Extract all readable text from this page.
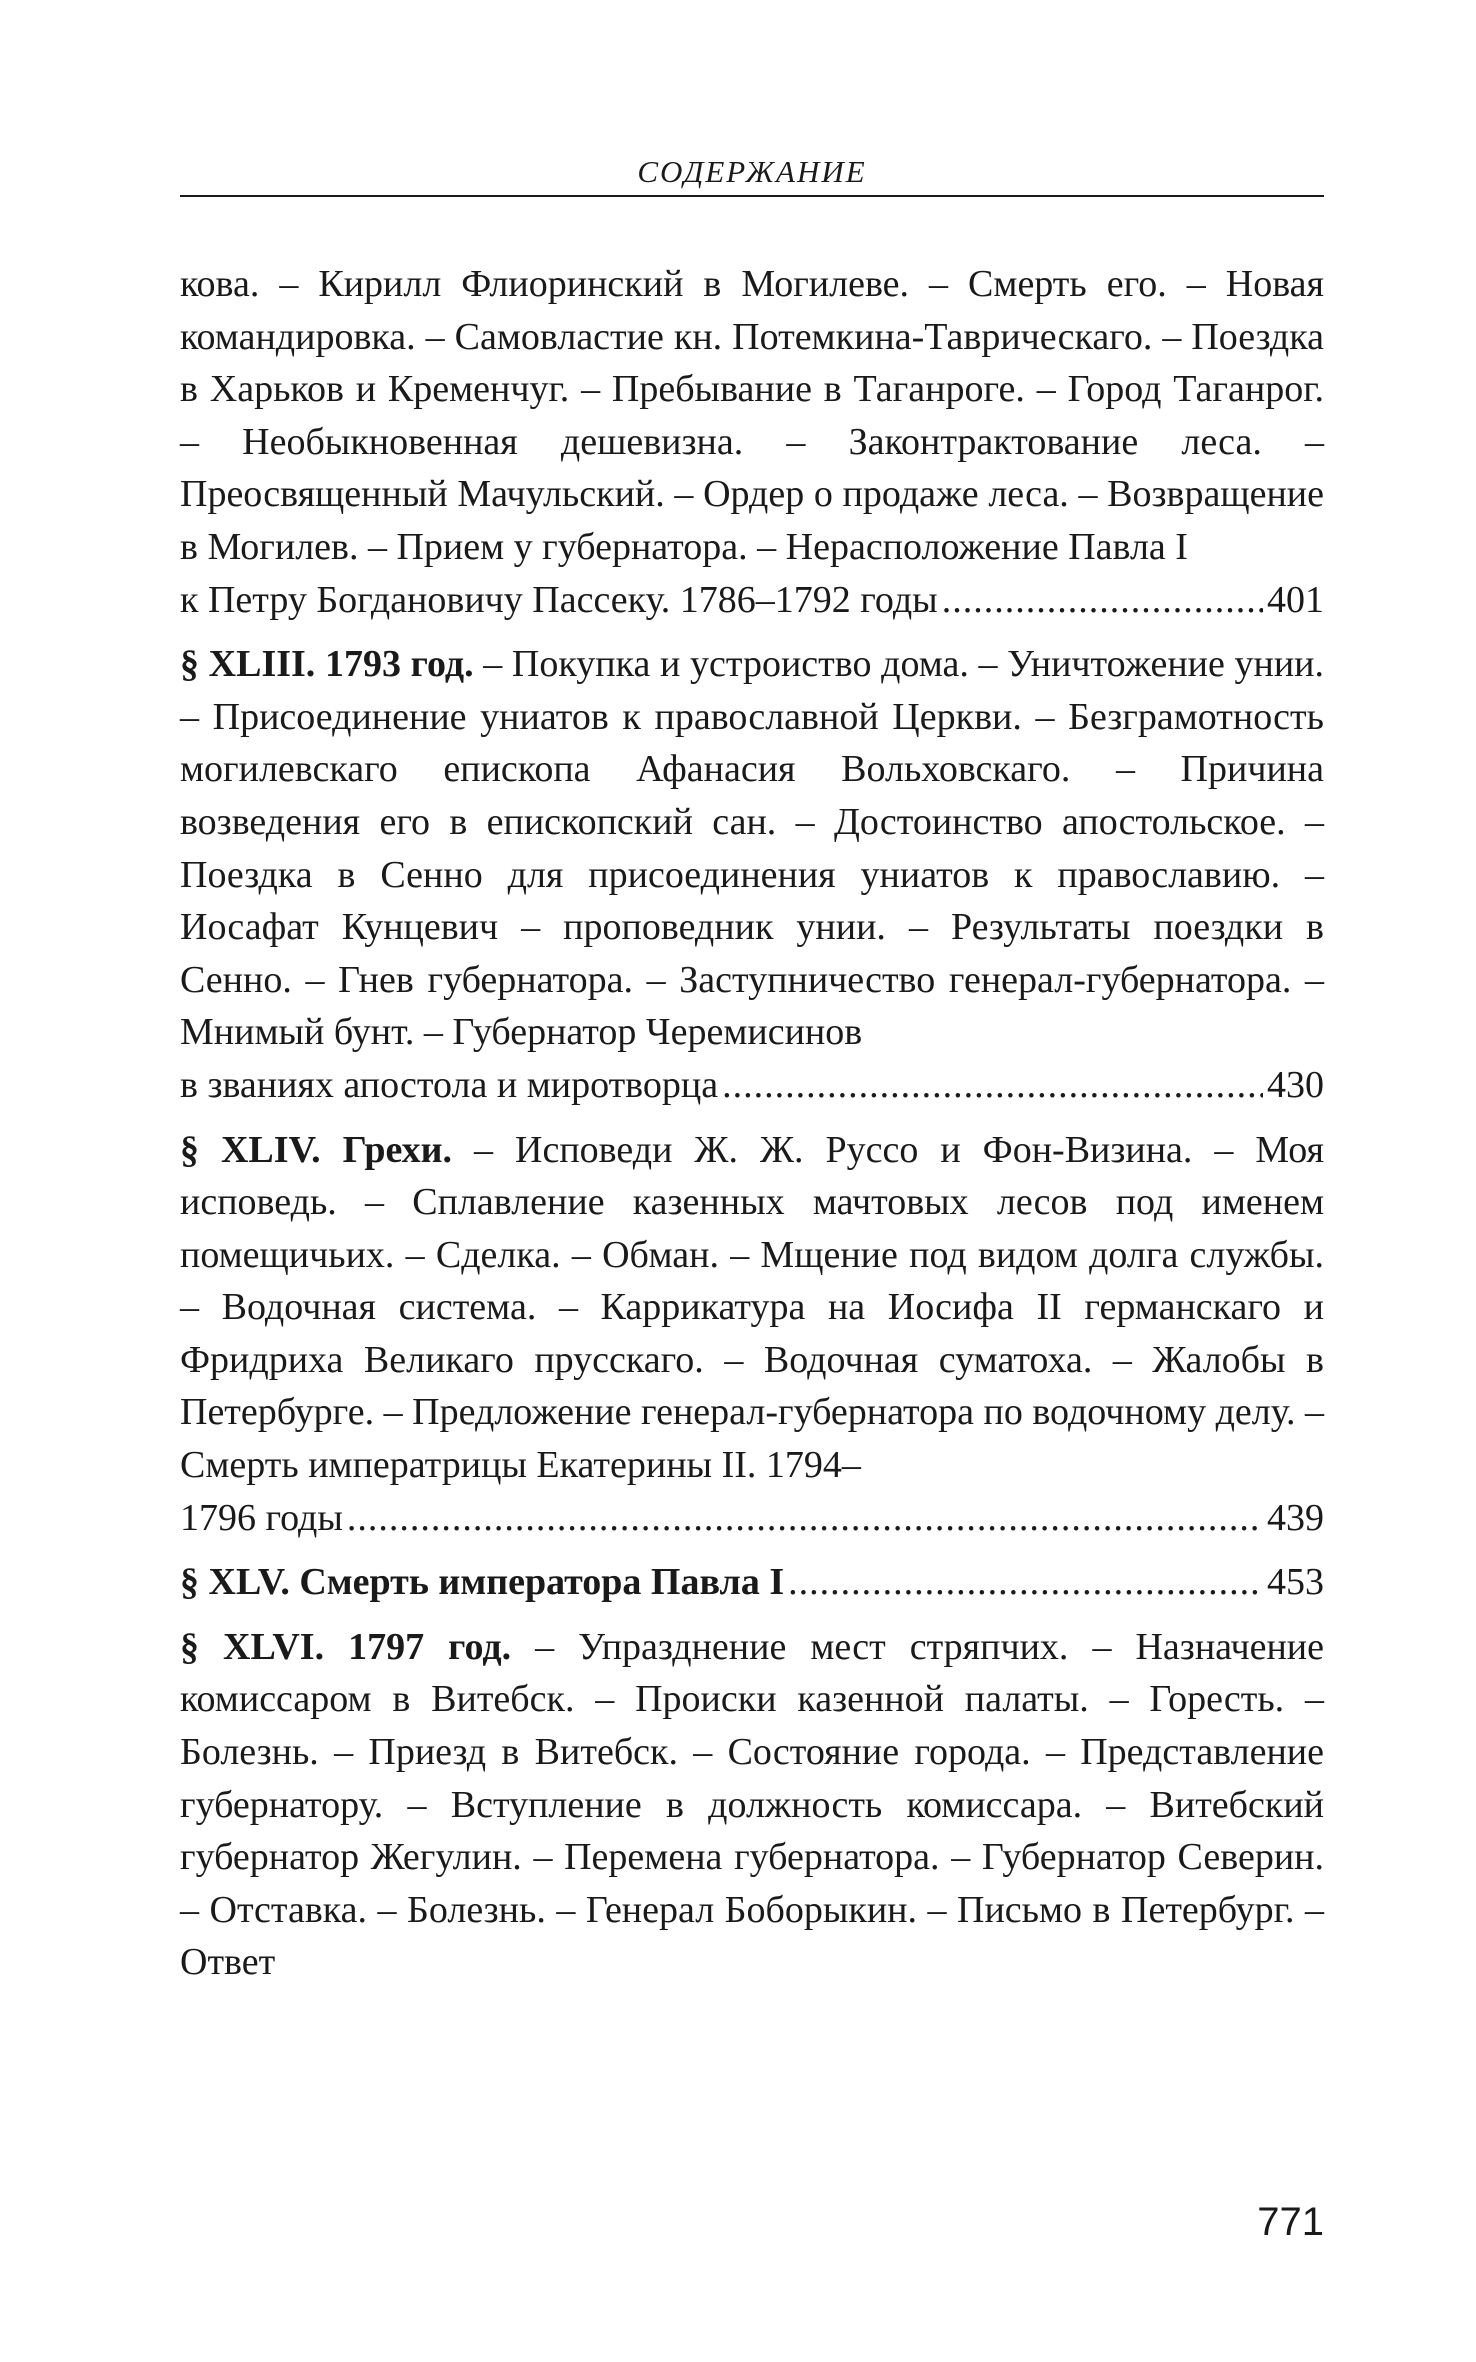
СОДЕРЖАНИЕ
кова. – Кирилл Флиоринский в Могилеве. – Смерть его. – Новая командировка. – Самовластие кн. Потемкина-Таврическаго. – Поездка в Харьков и Кременчуг. – Пребывание в Таганроге. – Город Таганрог. – Необыкновенная дешевизна. – Законтрактование леса. – Преосвященный Мачульский. – Ордер о продаже леса. – Возвращение в Могилев. – Прием у губернатора. – Нерасположение Павла I
к Петру Богдановичу Пассеку. 1786–1792 годы .....	401
§ XLIII. 1793 год. – Покупка и устроиство дома. – Уничтожение унии. – Присоединение униатов к православной Церкви. – Безграмотность могилевскаго епископа Афанасия Вольховскаго. – Причина возведения его в епископский сан. – Достоинство апостольское. – Поездка в Сенно для присоединения униатов к православию. – Иосафат Кунцевич – проповедник унии. – Результаты поездки в Сенно. – Гнев губернатора. – Заступничество генерал-губернатора. – Мнимый бунт. – Губернатор Черемисинов
в званиях апостола и миротворца .....	430
§ XLIV. Грехи. – Исповеди Ж. Ж. Руссо и Фон-Визина. – Моя исповедь. – Сплавление казенных мачтовых лесов под именем помещичьих. – Сделка. – Обман. – Мщение под видом долга службы. – Водочная система. – Каррикатура на Иосифа II германскаго и Фридриха Великаго прусскаго. – Водочная суматоха. – Жалобы в Петербурге. – Предложение генерал-губернатора по водочному делу. – Смерть императрицы Екатерины II. 1794–
1796 годы .....	439
§ XLV. Смерть императора Павла I .....	453
§ XLVI. 1797 год. – Упразднение мест стряпчих. – Назначение комиссаром в Витебск. – Происки казенной палаты. – Горесть. – Болезнь. – Приезд в Витебск. – Состояние города. – Представление губернатору. – Вступление в должность комиссара. – Витебский губернатор Жегулин. – Перемена губернатора. – Губернатор Северин. – Отставка. – Болезнь. – Генерал Боборыкин. – Письмо в Петербург. – Ответ
771
